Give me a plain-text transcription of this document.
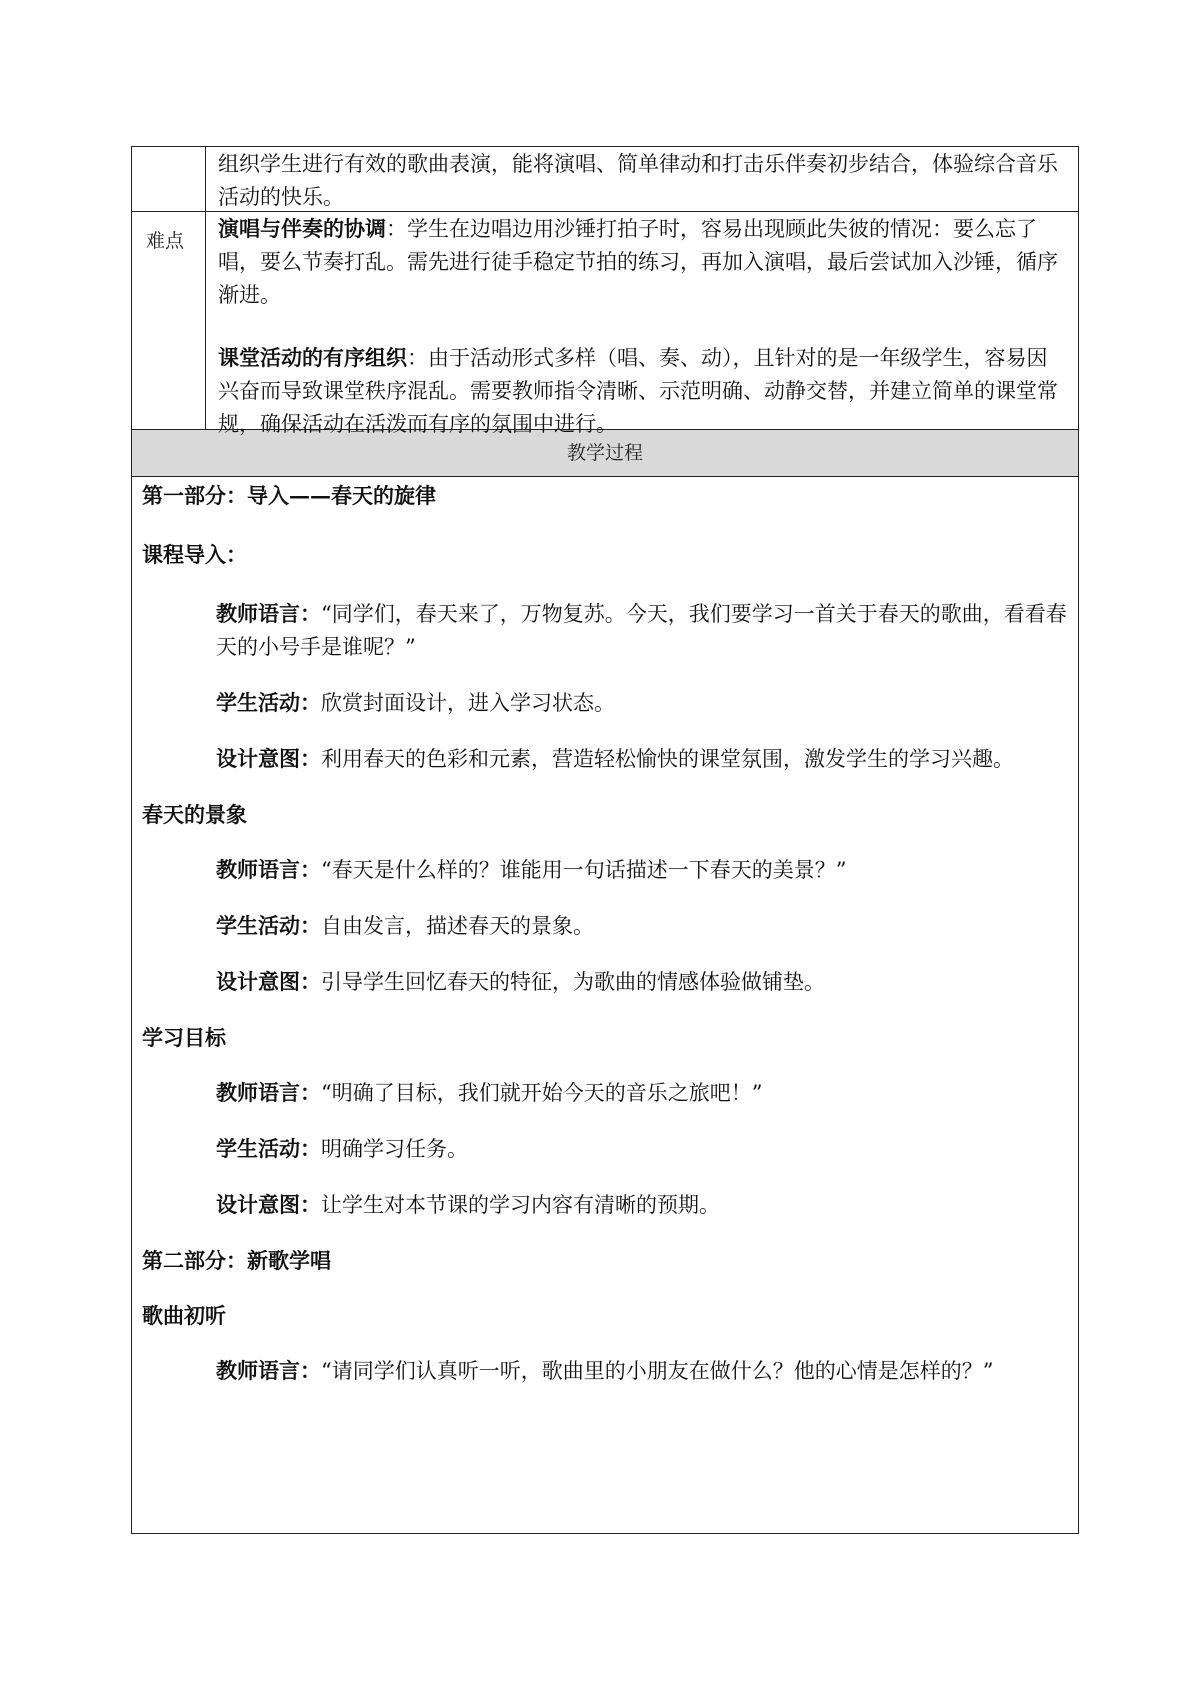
组织学生进行有效的歌曲表演，能将演唱、简单律动和打击乐伴奏初步结合，体验综合音乐活动的快乐。

难点	演唱与伴奏的协调：学生在边唱边用沙锤打拍子时，容易出现顾此失彼的情况：要么忘了唱，要么节奏打乱。需先进行徒手稳定节拍的练习，再加入演唱，最后尝试加入沙锤，循序渐进。

课堂活动的有序组织：由于活动形式多样（唱、奏、动），且针对的是一年级学生，容易因兴奋而导致课堂秩序混乱。需要教师指令清晰、示范明确、动静交替，并建立简单的课堂常规，确保活动在活泼而有序的氛围中进行。

教学过程

第一部分：导入——春天的旋律

课程导入：

教师语言：“同学们，春天来了，万物复苏。今天，我们要学习一首关于春天的歌曲，看看春天的小号手是谁呢？”

学生活动：欣赏封面设计，进入学习状态。

设计意图：利用春天的色彩和元素，营造轻松愉快的课堂氛围，激发学生的学习兴趣。

春天的景象

教师语言：“春天是什么样的？谁能用一句话描述一下春天的美景？”

学生活动：自由发言，描述春天的景象。

设计意图：引导学生回忆春天的特征，为歌曲的情感体验做铺垫。

学习目标

教师语言：“明确了目标，我们就开始今天的音乐之旅吧！”

学生活动：明确学习任务。

设计意图：让学生对本节课的学习内容有清晰的预期。

第二部分：新歌学唱

歌曲初听

教师语言：“请同学们认真听一听，歌曲里的小朋友在做什么？他的心情是怎样的？”
